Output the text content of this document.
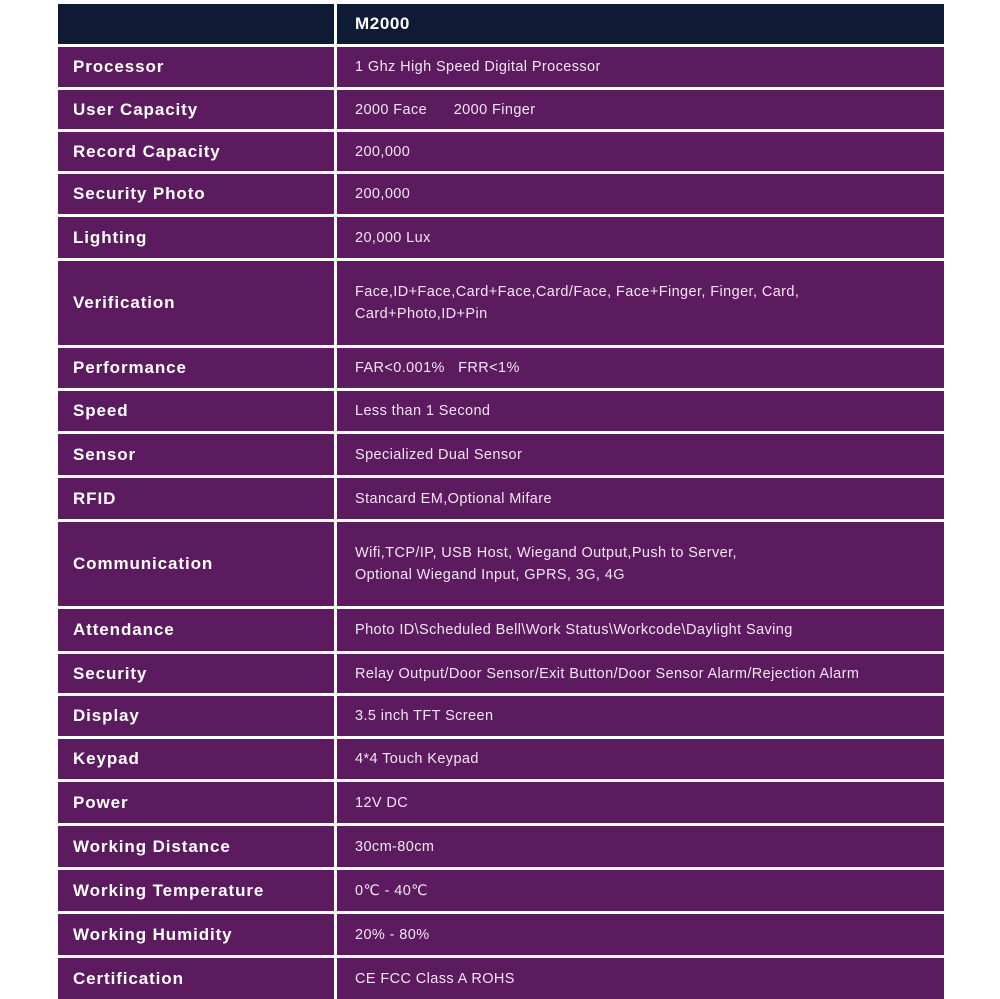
	M2000
Processor	1 Ghz High Speed Digital Processor
User Capacity	2000 Face      2000 Finger
Record Capacity	200,000
Security Photo	200,000
Lighting	20,000 Lux
Verification	Face,ID+Face,Card+Face,Card/Face, Face+Finger, Finger, Card,
Card+Photo,ID+Pin
Performance	FAR<0.001%   FRR<1%
Speed	Less than 1 Second
Sensor	Specialized Dual Sensor
RFID	Stancard EM,Optional Mifare
Communication	Wifi,TCP/IP, USB Host, Wiegand Output,Push to Server,
Optional Wiegand Input, GPRS, 3G, 4G
Attendance	Photo ID\Scheduled Bell\Work Status\Workcode\Daylight Saving
Security	Relay Output/Door Sensor/Exit Button/Door Sensor Alarm/Rejection Alarm
Display	3.5 inch TFT Screen
Keypad	4*4 Touch Keypad
Power	12V DC
Working Distance	30cm-80cm
Working Temperature	0℃ - 40℃
Working Humidity	20% - 80%
Certification	CE FCC Class A ROHS
